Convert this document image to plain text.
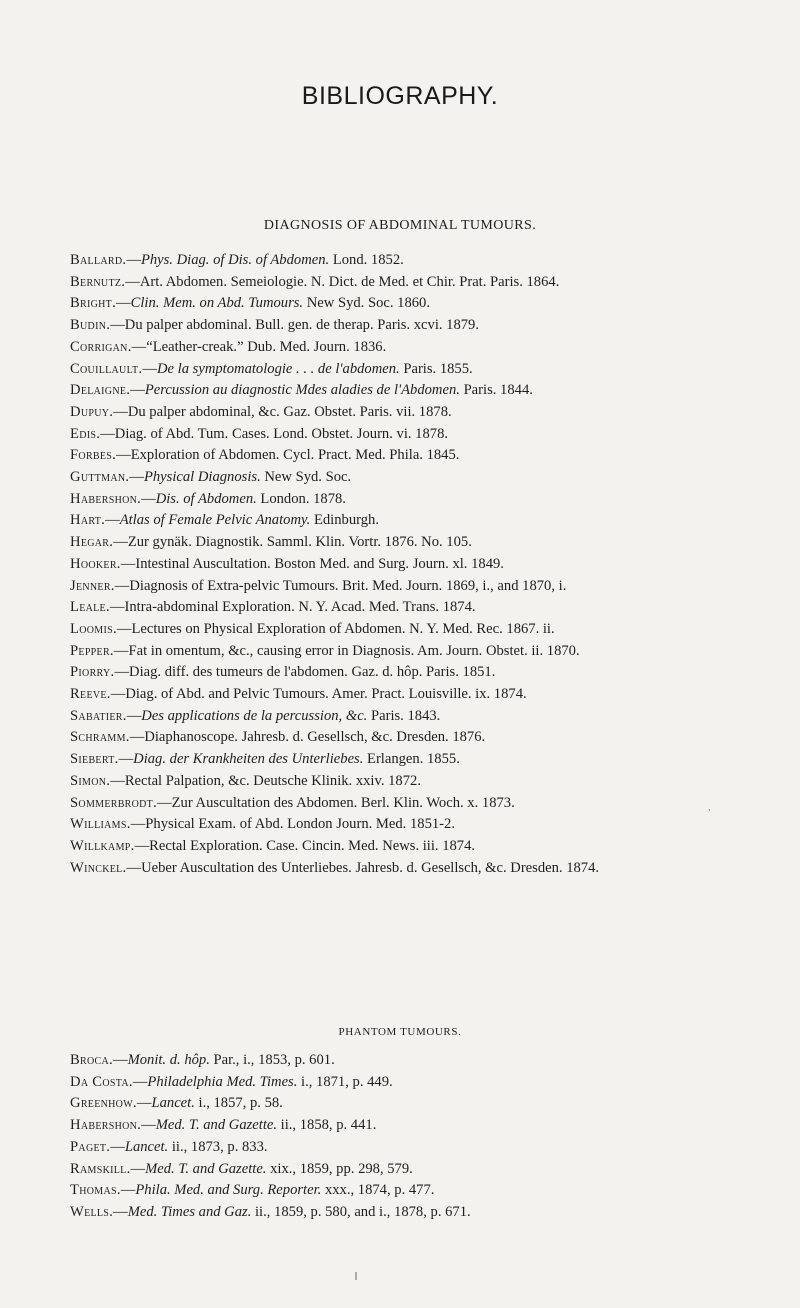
BIBLIOGRAPHY.
DIAGNOSIS OF ABDOMINAL TUMOURS.
Ballard.—Phys. Diag. of Dis. of Abdomen. Lond. 1852.
Bernutz.—Art. Abdomen. Semeiologie. N. Dict. de Med. et Chir. Prat. Paris. 1864.
Bright.—Clin. Mem. on Abd. Tumours. New Syd. Soc. 1860.
Budin.—Du palper abdominal. Bull. gen. de therap. Paris. xcvi. 1879.
Corrigan.—“Leather-creak.” Dub. Med. Journ. 1836.
Couillault.—De la symptomatologie . . . de l'abdomen. Paris. 1855.
Delaigne.—Percussion au diagnostic Mdes aladies de l'Abdomen. Paris. 1844.
Dupuy.—Du palper abdominal, &c. Gaz. Obstet. Paris. vii. 1878.
Edis.—Diag. of Abd. Tum. Cases. Lond. Obstet. Journ. vi. 1878.
Forbes.—Exploration of Abdomen. Cycl. Pract. Med. Phila. 1845.
Guttman.—Physical Diagnosis. New Syd. Soc.
Habershon.—Dis. of Abdomen. London. 1878.
Hart.—Atlas of Female Pelvic Anatomy. Edinburgh.
Hegar.—Zur gynäk. Diagnostik. Samml. Klin. Vortr. 1876. No. 105.
Hooker.—Intestinal Auscultation. Boston Med. and Surg. Journ. xl. 1849.
Jenner.—Diagnosis of Extra-pelvic Tumours. Brit. Med. Journ. 1869, i., and 1870, i.
Leale.—Intra-abdominal Exploration. N. Y. Acad. Med. Trans. 1874.
Loomis.—Lectures on Physical Exploration of Abdomen. N. Y. Med. Rec. 1867. ii.
Pepper.—Fat in omentum, &c., causing error in Diagnosis. Am. Journ. Obstet. ii. 1870.
Piorry.—Diag. diff. des tumeurs de l'abdomen. Gaz. d. hôp. Paris. 1851.
Reeve.—Diag. of Abd. and Pelvic Tumours. Amer. Pract. Louisville. ix. 1874.
Sabatier.—Des applications de la percussion, &c. Paris. 1843.
Schramm.—Diaphanoscope. Jahresb. d. Gesellsch, &c. Dresden. 1876.
Siebert.—Diag. der Krankheiten des Unterliebes. Erlangen. 1855.
Simon.—Rectal Palpation, &c. Deutsche Klinik. xxiv. 1872.
Sommerbrodt.—Zur Auscultation des Abdomen. Berl. Klin. Woch. x. 1873.
Williams.—Physical Exam. of Abd. London Journ. Med. 1851-2.
Willkamp.—Rectal Exploration. Case. Cincin. Med. News. iii. 1874.
Winckel.—Ueber Auscultation des Unterliebes. Jahresb. d. Gesellsch, &c. Dresden. 1874.
PHANTOM TUMOURS.
Broca.—Monit. d. hôp. Par., i., 1853, p. 601.
Da Costa.—Philadelphia Med. Times. i., 1871, p. 449.
Greenhow.—Lancet. i., 1857, p. 58.
Habershon.—Med. T. and Gazette. ii., 1858, p. 441.
Paget.—Lancet. ii., 1873, p. 833.
Ramskill.—Med. T. and Gazette. xix., 1859, pp. 298, 579.
Thomas.—Phila. Med. and Surg. Reporter. xxx., 1874, p. 477.
Wells.—Med. Times and Gaz. ii., 1859, p. 580, and i., 1878, p. 671.
,
